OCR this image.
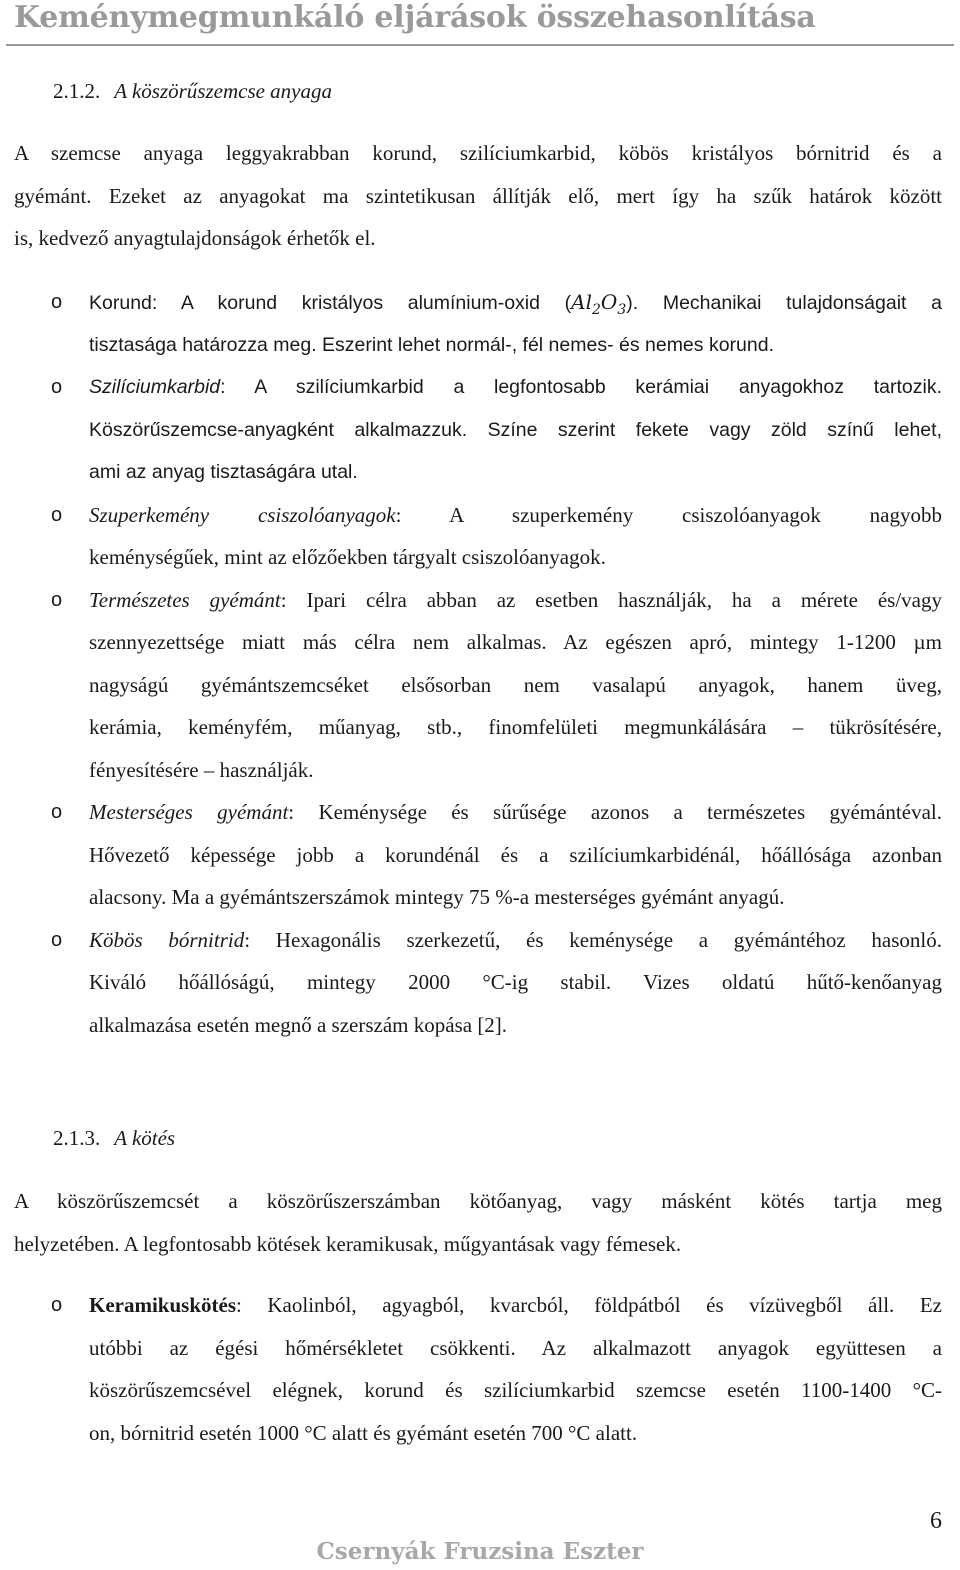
Keménymegmunkáló eljárások összehasonlítása
2.1.2. A köszörűszemcse anyaga
A szemcse anyaga leggyakrabban korund, szilíciumkarbid, köbös kristályos bórnitrid és a
gyémánt. Ezeket az anyagokat ma szintetikusan állítják elő, mert így ha szűk határok között
is, kedvező anyagtulajdonságok érhetők el.
o Korund: A korund kristályos alumínium-oxid $(Al_2O_3)$. Mechanikai tulajdonságait a
tisztasága határozza meg. Eszerint lehet normál-, fél nemes- és nemes korund.
o Szilíciumkarbid: A szilíciumkarbid a legfontosabb kerámiai anyagokhoz tartozik.
Köszörűszemcse-anyagként alkalmazzuk. Színe szerint fekete vagy zöld színű lehet,
ami az anyag tisztaságára utal.
o Szuperkemény csiszolóanyagok: A szuperkemény csiszolóanyagok nagyobb
keménységűek, mint az előzőekben tárgyalt csiszolóanyagok.
o Természetes gyémánt: Ipari célra abban az esetben használják, ha a mérete és/vagy
szennyezettsége miatt más célra nem alkalmas. Az egészen apró, mintegy 1-1200 µm
nagyságú gyémántszemcséket elsősorban nem vasalapú anyagok, hanem üveg,
kerámia, keményfém, műanyag, stb., finomfelületi megmunkálására – tükrösítésére,
fényesítésére – használják.
o Mesterséges gyémánt: Keménysége és sűrűsége azonos a természetes gyémántéval.
Hővezető képessége jobb a korundénál és a szilíciumkarbidénál, hőállósága azonban
alacsony. Ma a gyémántszerszámok mintegy 75 %-a mesterséges gyémánt anyagú.
o Köbös bórnitrid: Hexagonális szerkezetű, és keménysége a gyémántéhoz hasonló.
Kiváló hőállóságú, mintegy 2000 °C-ig stabil. Vizes oldatú hűtő-kenőanyag
alkalmazása esetén megnő a szerszám kopása [2].
2.1.3. A kötés
A köszörűszemcsét a köszörűszerszámban kötőanyag, vagy másként kötés tartja meg
helyzetében. A legfontosabb kötések keramikusak, műgyantásak vagy fémesek.
o Keramikuskötés: Kaolinból, agyagból, kvarcból, földpátból és vízüvegből áll. Ez
utóbbi az égési hőmérsékletet csökkenti. Az alkalmazott anyagok együttesen a
köszörűszemcsével elégnek, korund és szilíciumkarbid szemcse esetén 1100-1400 °C-
on, bórnitrid esetén 1000 °C alatt és gyémánt esetén 700 °C alatt.
6
Csernyák Fruzsina Eszter
